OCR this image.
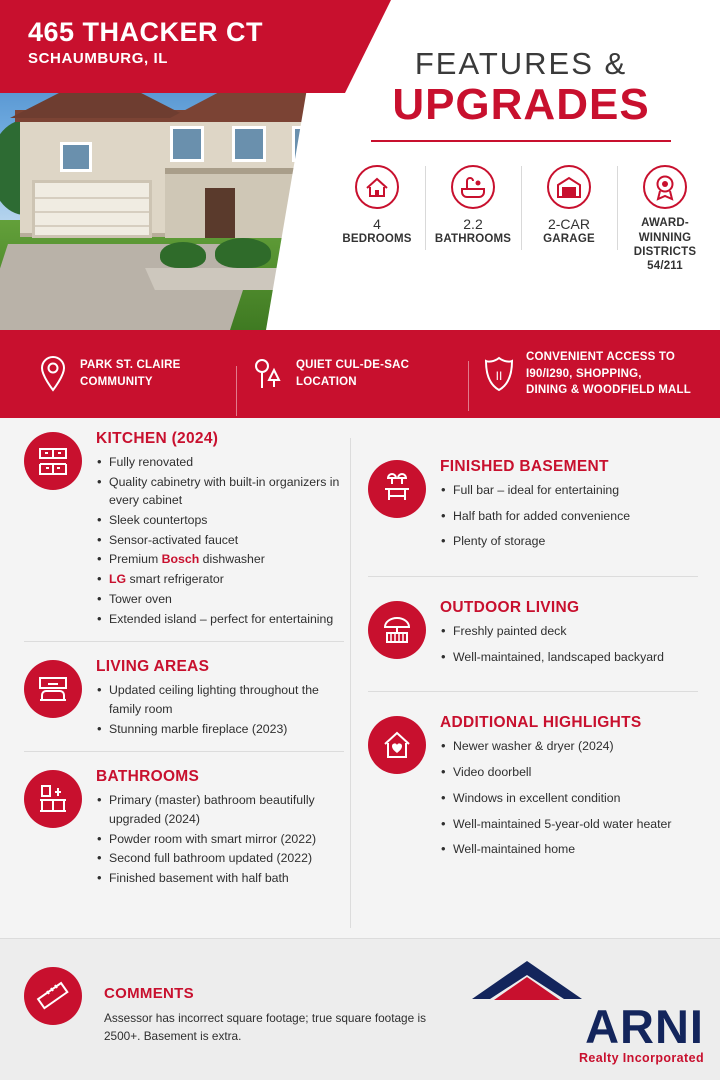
465 THACKER CT
SCHAUMBURG, IL	FEATURES &
UPGRADES
4
BEDROOMS
2.2
BATHROOMS
2-CAR
GARAGE
AWARD-WINNING
DISTRICTS 54/211
PARK ST. CLAIRE
COMMUNITY
QUIET CUL-DE-SAC
LOCATION	II
CONVENIENT ACCESS TO
I90/I290, SHOPPING,
DINING & WOODFIELD MALL
KITCHEN (2024)
• Fully renovated
• Quality cabinetry with built-in organizers in every cabinet
• Sleek countertops
• Sensor-activated faucet
• Premium Bosch dishwasher
• LG smart refrigerator
• Tower oven
• Extended island – perfect for entertaining
LIVING AREAS
• Updated ceiling lighting throughout the family room
• Stunning marble fireplace (2023)
BATHROOMS
• Primary (master) bathroom beautifully upgraded (2024)
• Powder room with smart mirror (2022)
• Second full bathroom updated (2022)
• Finished basement with half bath
FINISHED BASEMENT
• Full bar – ideal for entertaining
• Half bath for added convenience
• Plenty of storage
OUTDOOR LIVING
• Freshly painted deck
• Well-maintained, landscaped backyard
ADDITIONAL HIGHLIGHTS
• Newer washer & dryer (2024)
• Video doorbell
• Windows in excellent condition
• Well-maintained 5-year-old water heater
• Well-maintained home
COMMENTS
Assessor has incorrect square footage; true square footage is 2500+. Basement is extra.	ARNI
Realty Incorporated
